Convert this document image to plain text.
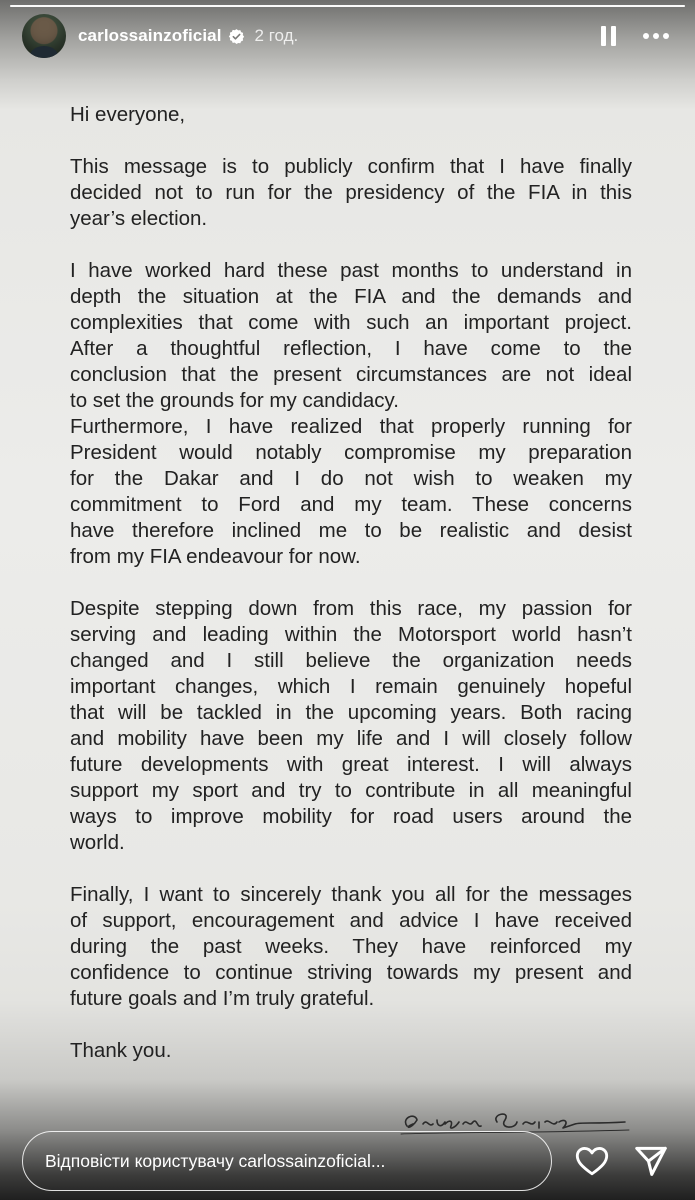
carlossainzoficial 2 год.

Hi everyone,

This message is to publicly confirm that I have finally
decided not to run for the presidency of the FIA in this
year’s election.

I have worked hard these past months to understand in
depth the situation at the FIA and the demands and
complexities that come with such an important project.
After a thoughtful reflection, I have come to the
conclusion that the present circumstances are not ideal
to set the grounds for my candidacy.
Furthermore, I have realized that properly running for
President would notably compromise my preparation
for the Dakar and I do not wish to weaken my
commitment to Ford and my team. These concerns
have therefore inclined me to be realistic and desist
from my FIA endeavour for now.

Despite stepping down from this race, my passion for
serving and leading within the Motorsport world hasn’t
changed and I still believe the organization needs
important changes, which I remain genuinely hopeful
that will be tackled in the upcoming years. Both racing
and mobility have been my life and I will closely follow
future developments with great interest. I will always
support my sport and try to contribute in all meaningful
ways to improve mobility for road users around the
world.

Finally, I want to sincerely thank you all for the messages
of support, encouragement and advice I have received
during the past weeks. They have reinforced my
confidence to continue striving towards my present and
future goals and I’m truly grateful.

Thank you.

Відповісти користувачу carlossainzoficial...
